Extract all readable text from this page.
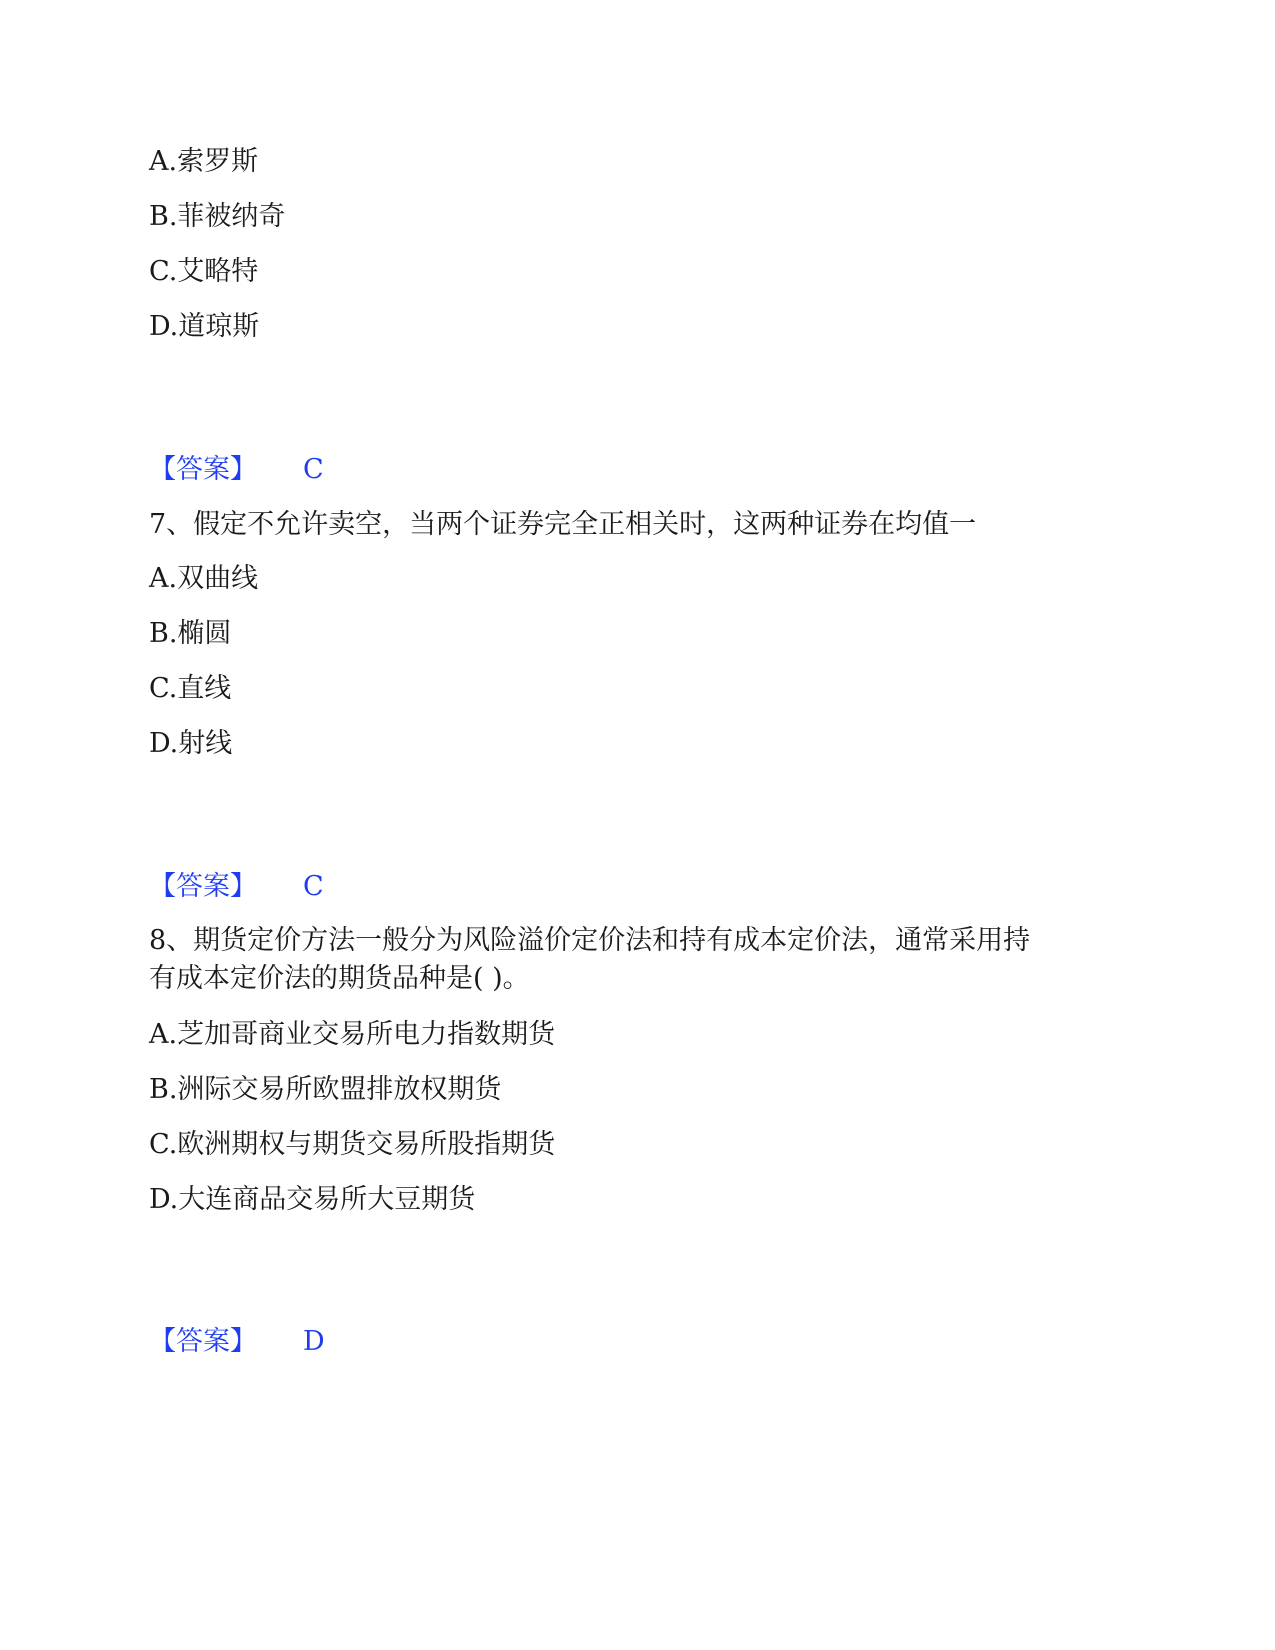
A.索罗斯
B.菲被纳奇
C.艾略特
D.道琼斯
【答案】 C
7、假定不允许卖空，当两个证券完全正相关时，这两种证券在均值一
A.双曲线
B.椭圆
C.直线
D.射线
【答案】 C
8、期货定价方法一般分为风险溢价定价法和持有成本定价法，通常采用持
有成本定价法的期货品种是( )。
A.芝加哥商业交易所电力指数期货
B.洲际交易所欧盟排放权期货
C.欧洲期权与期货交易所股指期货
D.大连商品交易所大豆期货
【答案】 D
